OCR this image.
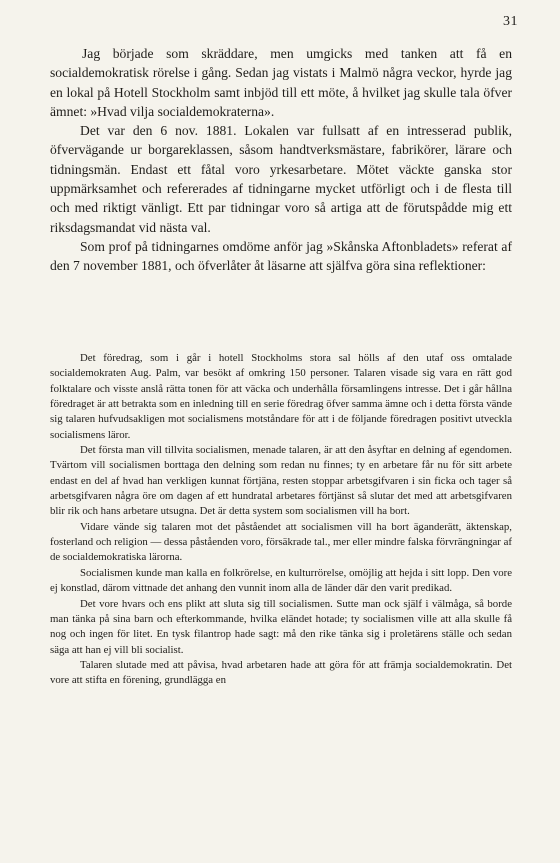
31

Jag började som skräddare, men umgicks med tanken att få en socialdemokratisk rörelse i gång. Sedan jag vistats i Malmö några veckor, hyrde jag en lokal på Hotell Stockholm samt inbjöd till ett möte, å hvilket jag skulle tala öfver ämnet: »Hvad vilja socialdemokraterna».

Det var den 6 nov. 1881. Lokalen var fullsatt af en intresserad publik, öfvervägande ur borgareklassen, såsom handtverksmästare, fabrikörer, lärare och tidningsmän. Endast ett fåtal voro yrkesarbetare. Mötet väckte ganska stor uppmärksamhet och refererades af tidningarne mycket utförligt och i de flesta till och med riktigt vänligt. Ett par tidningar voro så artiga att de förutspådde mig ett riksdagsmandat vid nästa val.

Som prof på tidningarnes omdöme anför jag »Skånska Aftonbladets» referat af den 7 november 1881, och öfverlåter åt läsarne att själfva göra sina reflektioner:

Det föredrag, som i går i hotell Stockholms stora sal hölls af den utaf oss omtalade socialdemokraten Aug. Palm, var besökt af omkring 150 personer. Talaren visade sig vara en rätt god folktalare och visste anslå rätta tonen för att väcka och underhålla församlingens intresse. Det i går hållna föredraget är att betrakta som en inledning till en serie föredrag öfver samma ämne och i detta första vände sig talaren hufvudsakligen mot socialismens motståndare för att i de följande föredragen positivt utveckla socialismens läror.

Det första man vill tillvita socialismen, menade talaren, är att den åsyftar en delning af egendomen. Tvärtom vill socialismen borttaga den delning som redan nu finnes; ty en arbetare får nu för sitt arbete endast en del af hvad han verkligen kunnat förtjäna, resten stoppar arbetsgifvaren i sin ficka och tager så arbetsgifvaren några öre om dagen af ett hundratal arbetares förtjänst så slutar det med att arbetsgifvaren blir rik och hans arbetare utsugna. Det är detta system som socialismen vill ha bort.

Vidare vände sig talaren mot det påståendet att socialismen vill ha bort äganderätt, äktenskap, fosterland och religion — dessa påståenden voro, försäkrade tal., mer eller mindre falska förvrängningar af de socialdemokratiska lärorna.

Socialismen kunde man kalla en folkrörelse, en kulturrörelse, omöjlig att hejda i sitt lopp. Den vore ej konstlad, därom vittnade det anhang den vunnit inom alla de länder där den varit predikad.

Det vore hvars och ens plikt att sluta sig till socialismen. Sutte man ock själf i välmåga, så borde man tänka på sina barn och efterkommande, hvilka eländet hotade; ty socialismen ville att alla skulle få nog och ingen för litet. En tysk filantrop hade sagt: må den rike tänka sig i proletärens ställe och sedan säga att han ej vill bli socialist.

Talaren slutade med att påvisa, hvad arbetaren hade att göra för att främja socialdemokratin. Det vore att stifta en förening, grundlägga en
